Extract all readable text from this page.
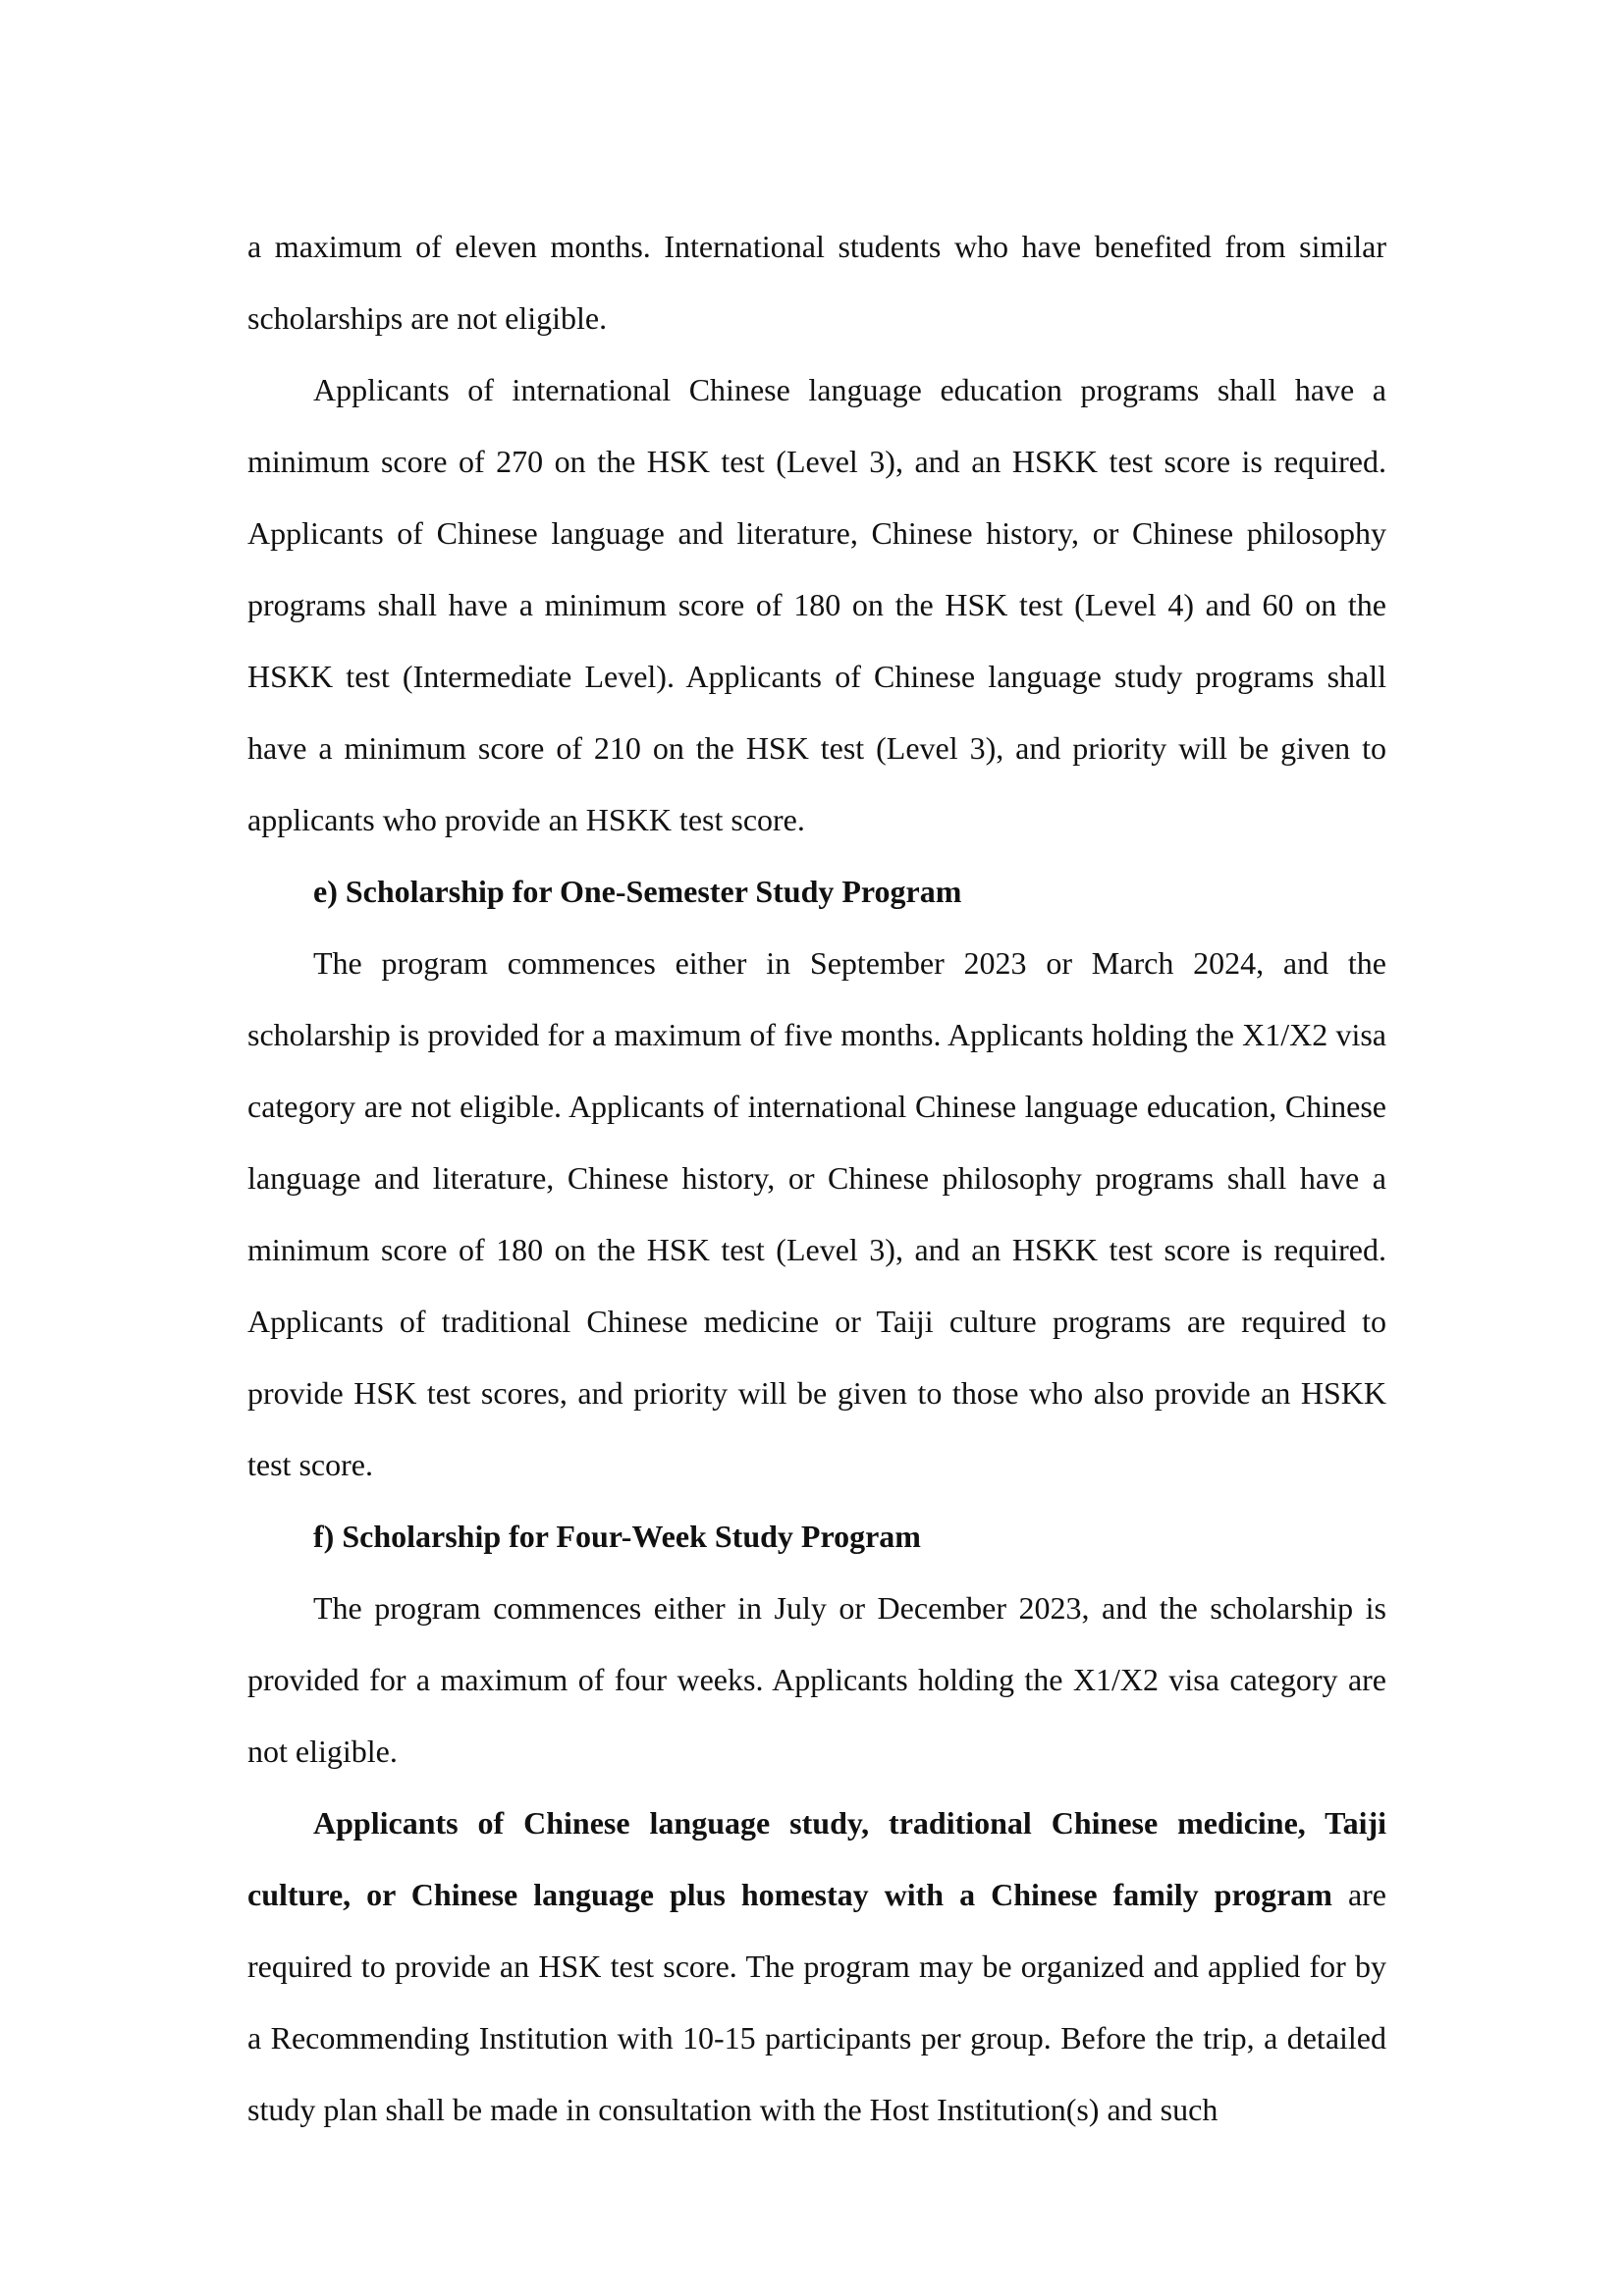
a maximum of eleven months. International students who have benefited from similar scholarships are not eligible.

Applicants of international Chinese language education programs shall have a minimum score of 270 on the HSK test (Level 3), and an HSKK test score is required. Applicants of Chinese language and literature, Chinese history, or Chinese philosophy programs shall have a minimum score of 180 on the HSK test (Level 4) and 60 on the HSKK test (Intermediate Level). Applicants of Chinese language study programs shall have a minimum score of 210 on the HSK test (Level 3), and priority will be given to applicants who provide an HSKK test score.

e) Scholarship for One-Semester Study Program

The program commences either in September 2023 or March 2024, and the scholarship is provided for a maximum of five months. Applicants holding the X1/X2 visa category are not eligible. Applicants of international Chinese language education, Chinese language and literature, Chinese history, or Chinese philosophy programs shall have a minimum score of 180 on the HSK test (Level 3), and an HSKK test score is required. Applicants of traditional Chinese medicine or Taiji culture programs are required to provide HSK test scores, and priority will be given to those who also provide an HSKK test score.

f) Scholarship for Four-Week Study Program

The program commences either in July or December 2023, and the scholarship is provided for a maximum of four weeks. Applicants holding the X1/X2 visa category are not eligible.

Applicants of Chinese language study, traditional Chinese medicine, Taiji culture, or Chinese language plus homestay with a Chinese family program are required to provide an HSK test score. The program may be organized and applied for by a Recommending Institution with 10-15 participants per group. Before the trip, a detailed study plan shall be made in consultation with the Host Institution(s) and such
